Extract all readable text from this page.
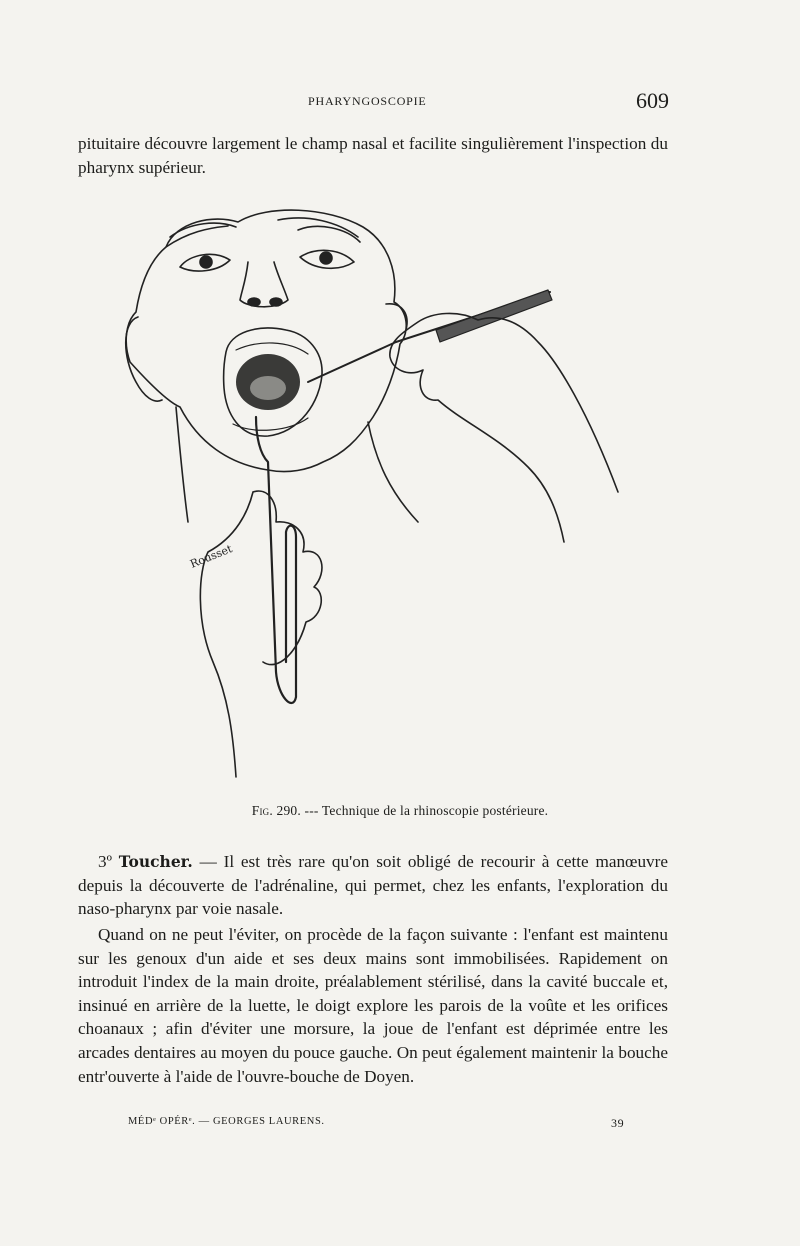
PHARYNGOSCOPIE	609

pituitaire découvre largement le champ nasal et facilite singulièrement l'inspection du pharynx supérieur.

Rousset
Fig. 290. --- Technique de la rhinoscopie postérieure.

3º Toucher. — Il est très rare qu'on soit obligé de recourir à cette manœuvre depuis la découverte de l'adrénaline, qui permet, chez les enfants, l'exploration du naso-pharynx par voie nasale.

Quand on ne peut l'éviter, on procède de la façon suivante : l'enfant est maintenu sur les genoux d'un aide et ses deux mains sont immobilisées. Rapidement on introduit l'index de la main droite, préalablement stérilisé, dans la cavité buccale et, insinué en arrière de la luette, le doigt explore les parois de la voûte et les orifices choanaux ; afin d'éviter une morsure, la joue de l'enfant est déprimée entre les arcades dentaires au moyen du pouce gauche. On peut également maintenir la bouche entr'ouverte à l'aide de l'ouvre-bouche de Doyen.

MÉDᵉ OPÉRᵉ. — GEORGES LAURENS.	39
